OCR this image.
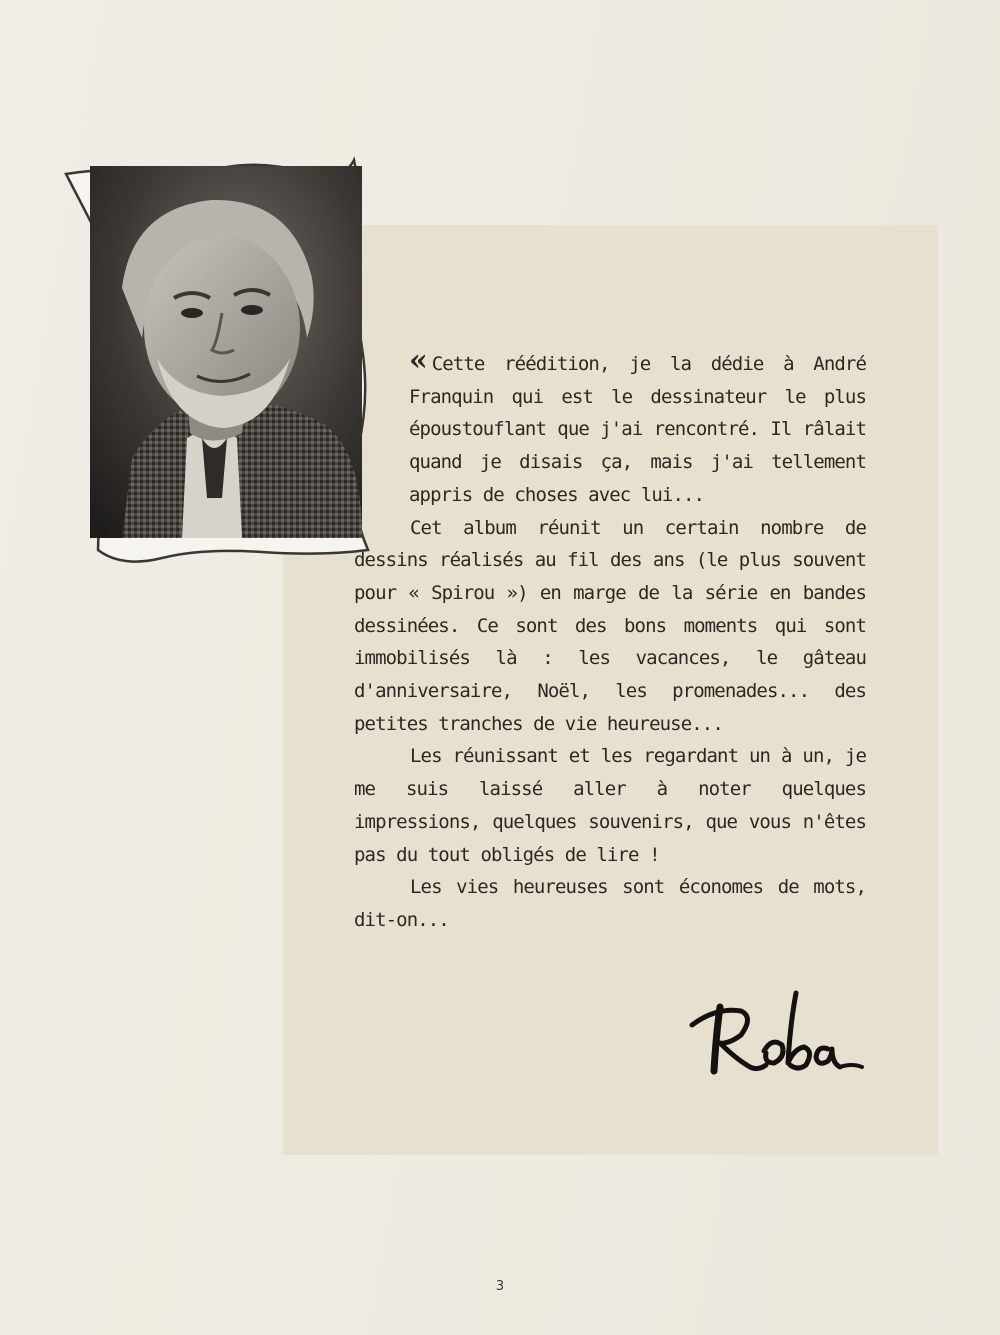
« Cette réédition, je la dédie à André Franquin qui est le dessinateur le plus époustouflant que j'ai rencontré. Il râlait quand je disais ça, mais j'ai tellement appris de choses avec lui...

Cet album réunit un certain nombre de dessins réalisés au fil des ans (le plus souvent pour « Spirou ») en marge de la série en bandes dessinées. Ce sont des bons moments qui sont immobilisés là : les vacances, le gâteau d'anniversaire, Noël, les promenades... des petites tranches de vie heureuse...

Les réunissant et les regardant un à un, je me suis laissé aller à noter quelques impressions, quelques souvenirs, que vous n'êtes pas du tout obligés de lire !

Les vies heureuses sont économes de mots, dit-on...

3
